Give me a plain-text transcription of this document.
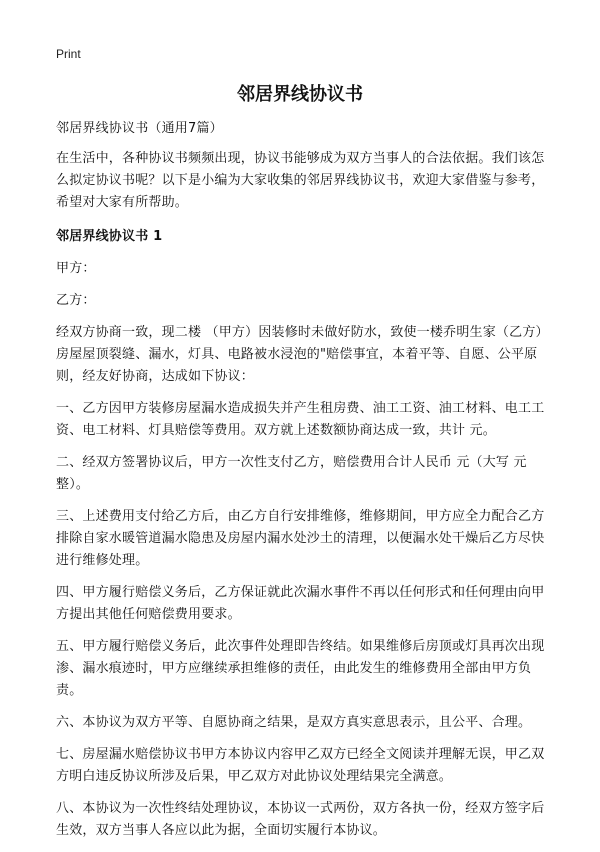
Print
邻居界线协议书

邻居界线协议书（通用7篇）

在生活中，各种协议书频频出现，协议书能够成为双方当事人的合法依据。我们该怎么拟定协议书呢？以下是小编为大家收集的邻居界线协议书，欢迎大家借鉴与参考，希望对大家有所帮助。

邻居界线协议书 1

甲方：

乙方：

经双方协商一致，现二楼 （甲方）因装修时未做好防水，致使一楼乔明生家（乙方）房屋屋顶裂缝、漏水，灯具、电路被水浸泡的"赔偿事宜，本着平等、自愿、公平原则，经友好协商，达成如下协议：

一、乙方因甲方装修房屋漏水造成损失并产生租房费、油工工资、油工材料、电工工资、电工材料、灯具赔偿等费用。双方就上述数额协商达成一致，共计 元。

二、经双方签署协议后，甲方一次性支付乙方，赔偿费用合计人民币 元（大写 元整）。

三、上述费用支付给乙方后，由乙方自行安排维修，维修期间，甲方应全力配合乙方排除自家水暖管道漏水隐患及房屋内漏水处沙土的清理，以便漏水处干燥后乙方尽快进行维修处理。

四、甲方履行赔偿义务后，乙方保证就此次漏水事件不再以任何形式和任何理由向甲方提出其他任何赔偿费用要求。

五、甲方履行赔偿义务后，此次事件处理即告终结。如果维修后房顶或灯具再次出现渗、漏水痕迹时，甲方应继续承担维修的责任，由此发生的维修费用全部由甲方负责。

六、本协议为双方平等、自愿协商之结果，是双方真实意思表示，且公平、合理。

七、房屋漏水赔偿协议书甲方本协议内容甲乙双方已经全文阅读并理解无误，甲乙双方明白违反协议所涉及后果，甲乙双方对此协议处理结果完全满意。

八、本协议为一次性终结处理协议，本协议一式两份，双方各执一份，经双方签字后生效，双方当事人各应以此为据，全面切实履行本协议。
